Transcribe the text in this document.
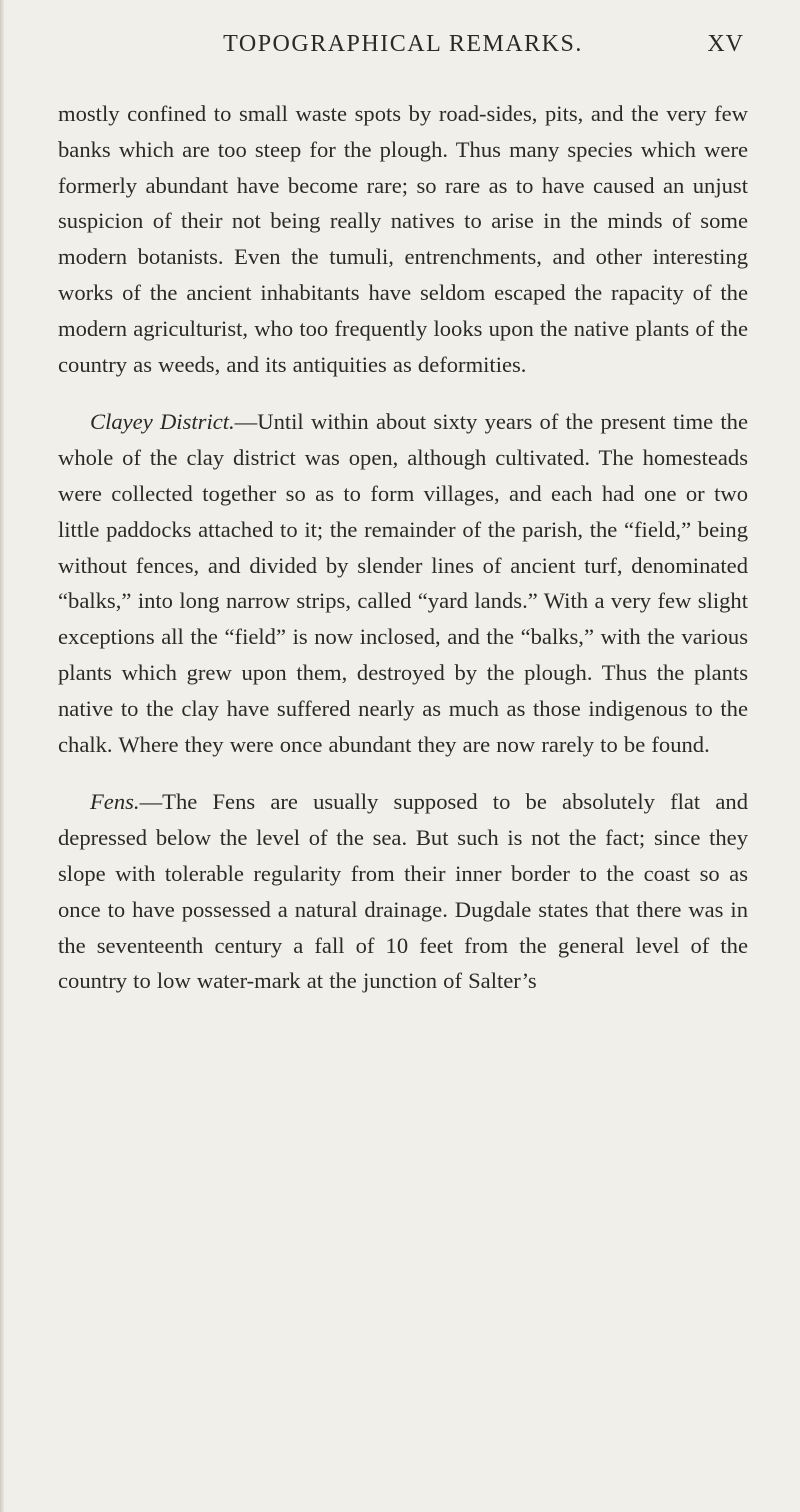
TOPOGRAPHICAL REMARKS.	XV

mostly confined to small waste spots by road-sides, pits, and the very few banks which are too steep for the plough. Thus many species which were formerly abundant have become rare; so rare as to have caused an unjust suspicion of their not being really natives to arise in the minds of some modern botanists. Even the tumuli, entrenchments, and other interesting works of the ancient inhabitants have seldom escaped the rapacity of the modern agriculturist, who too frequently looks upon the native plants of the country as weeds, and its antiquities as deformities.

Clayey District.—Until within about sixty years of the present time the whole of the clay district was open, although cultivated. The homesteads were collected together so as to form villages, and each had one or two little paddocks attached to it; the remainder of the parish, the “field,” being without fences, and divided by slender lines of ancient turf, denominated “balks,” into long narrow strips, called “yard lands.” With a very few slight exceptions all the “field” is now inclosed, and the “balks,” with the various plants which grew upon them, destroyed by the plough. Thus the plants native to the clay have suffered nearly as much as those indigenous to the chalk. Where they were once abundant they are now rarely to be found.

Fens.—The Fens are usually supposed to be absolutely flat and depressed below the level of the sea. But such is not the fact; since they slope with tolerable regularity from their inner border to the coast so as once to have possessed a natural drainage. Dugdale states that there was in the seventeenth century a fall of 10 feet from the general level of the country to low water-mark at the junction of Salter’s
